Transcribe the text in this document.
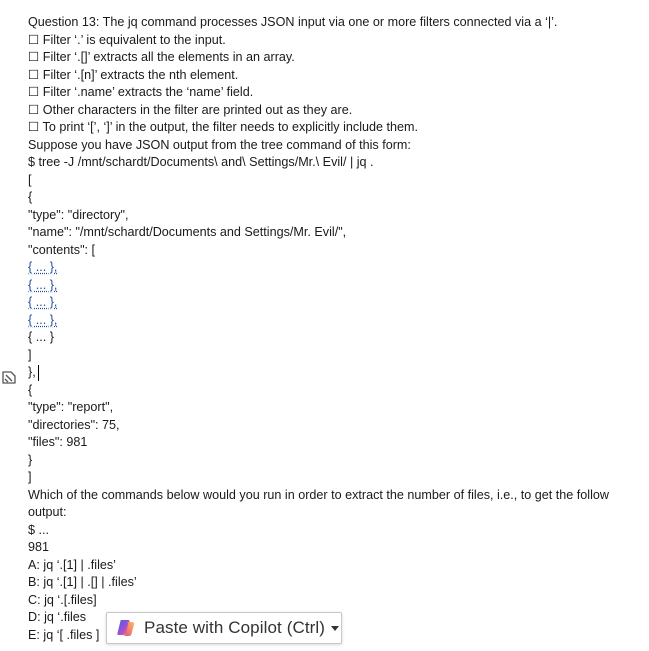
Question 13: The jq command processes JSON input via one or more filters connected via a ‘|’.
☐ Filter ‘.’ is equivalent to the input.
☐ Filter ‘.[]’ extracts all the elements in an array.
☐ Filter ‘.[n]’ extracts the nth element.
☐ Filter ‘.name’ extracts the ‘name’ field.
☐ Other characters in the filter are printed out as they are.
☐ To print ‘[’, ‘]’ in the output, the filter needs to explicitly include them.
Suppose you have JSON output from the tree command of this form:
$ tree -J /mnt/schardt/Documents\ and\ Settings/Mr.\ Evil/ | jq .
[
{
"type": "directory",
"name": "/mnt/schardt/Documents and Settings/Mr. Evil/",
"contents": [
{ ... },
{ ... },
{ ... },
{ ... },
{ ... }
]
},
{
"type": "report",
"directories": 75,
"files": 981
}
]
Which of the commands below would you run in order to extract the number of files, i.e., to get the follow
output:
$ ...
981
A: jq ‘.[1] | .files’
B: jq ‘.[1] | .[] | .files’
C: jq ‘.[.files]
D: jq ‘.files
E: jq ‘[ .files ]	Paste with Copilot (Ctrl)
